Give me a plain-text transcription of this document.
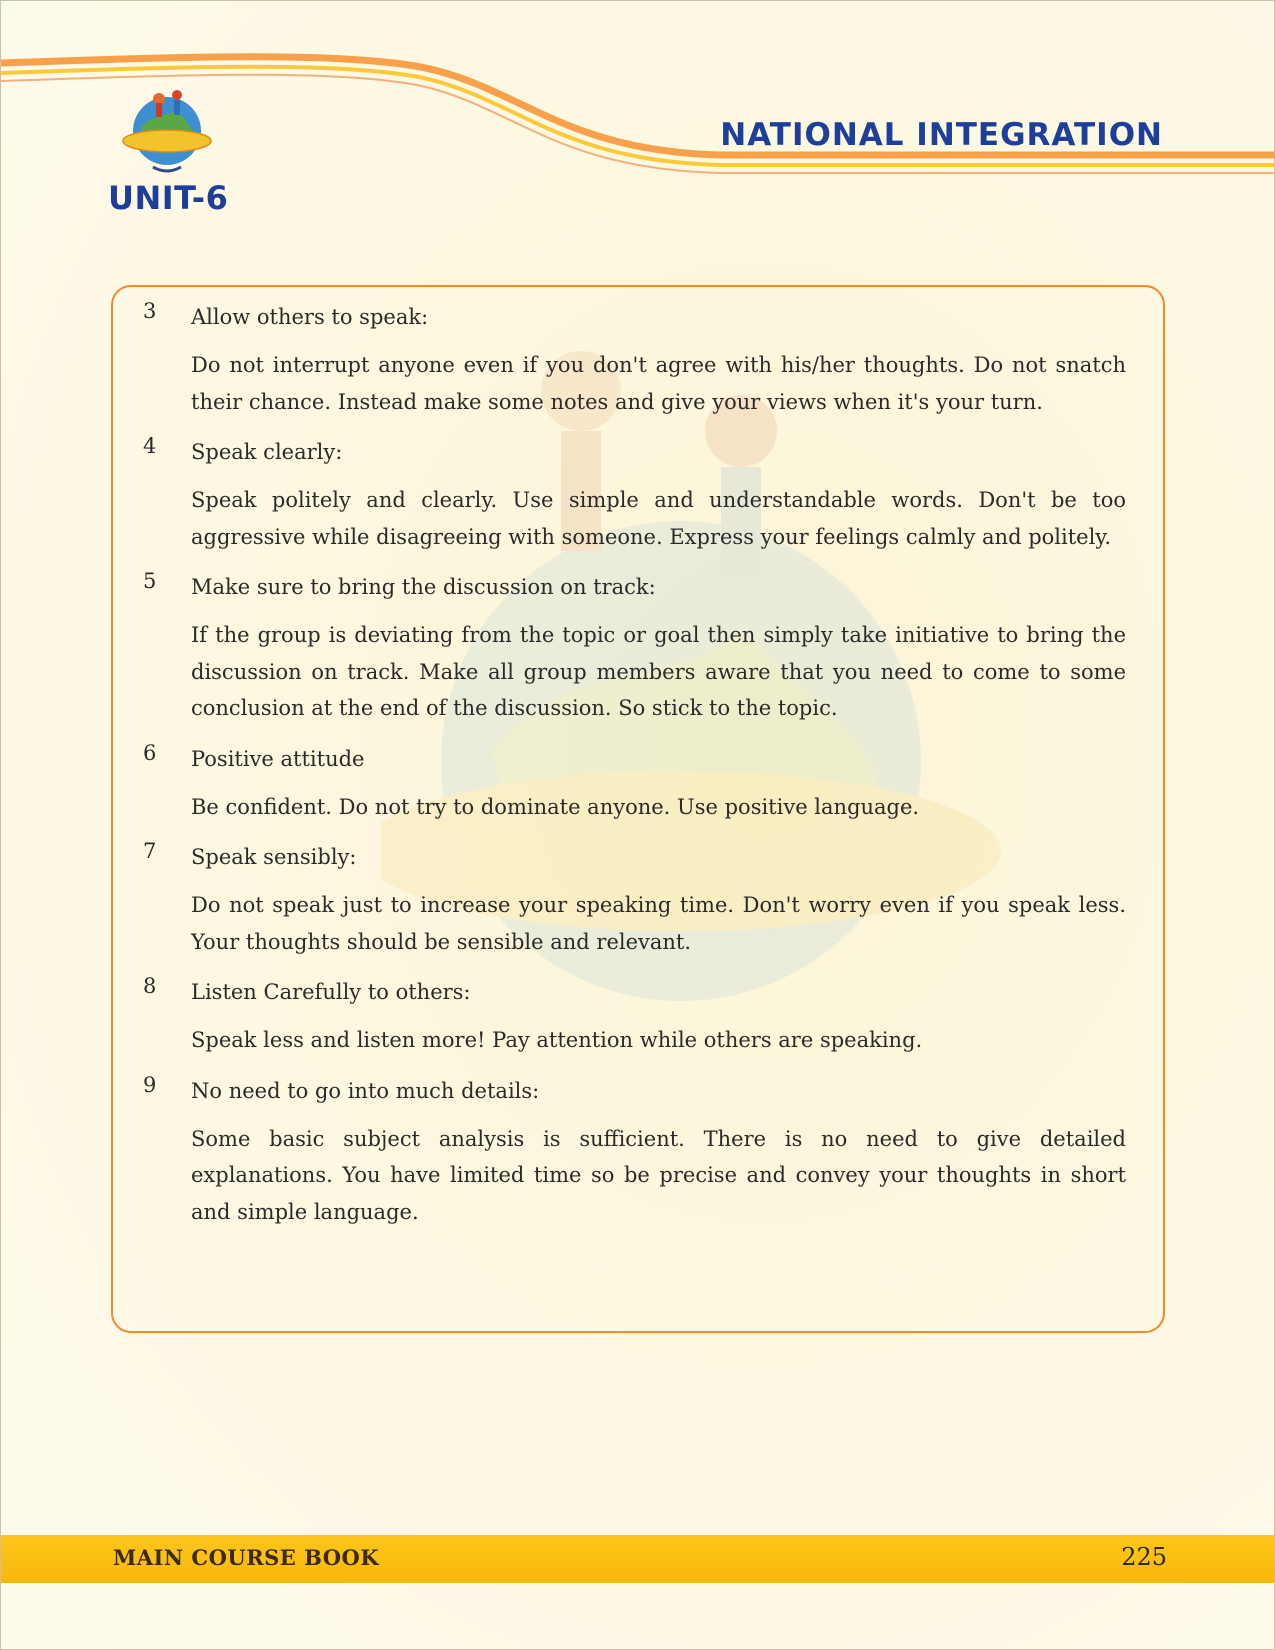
UNIT-6
NATIONAL INTEGRATION
3 Allow others to speak:
Do not interrupt anyone even if you don't agree with his/her thoughts. Do not snatch their chance. Instead make some notes and give your views when it's your turn.
4 Speak clearly:
Speak politely and clearly. Use simple and understandable words. Don't be too aggressive while disagreeing with someone. Express your feelings calmly and politely.
5 Make sure to bring the discussion on track:
If the group is deviating from the topic or goal then simply take initiative to bring the discussion on track. Make all group members aware that you need to come to some conclusion at the end of the discussion. So stick to the topic.
6 Positive attitude
Be confident. Do not try to dominate anyone. Use positive language.
7 Speak sensibly:
Do not speak just to increase your speaking time. Don't worry even if you speak less. Your thoughts should be sensible and relevant.
8 Listen Carefully to others:
Speak less and listen more! Pay attention while others are speaking.
9 No need to go into much details:
Some basic subject analysis is sufficient. There is no need to give detailed explanations. You have limited time so be precise and convey your thoughts in short and simple language.
MAIN COURSE BOOK	225
